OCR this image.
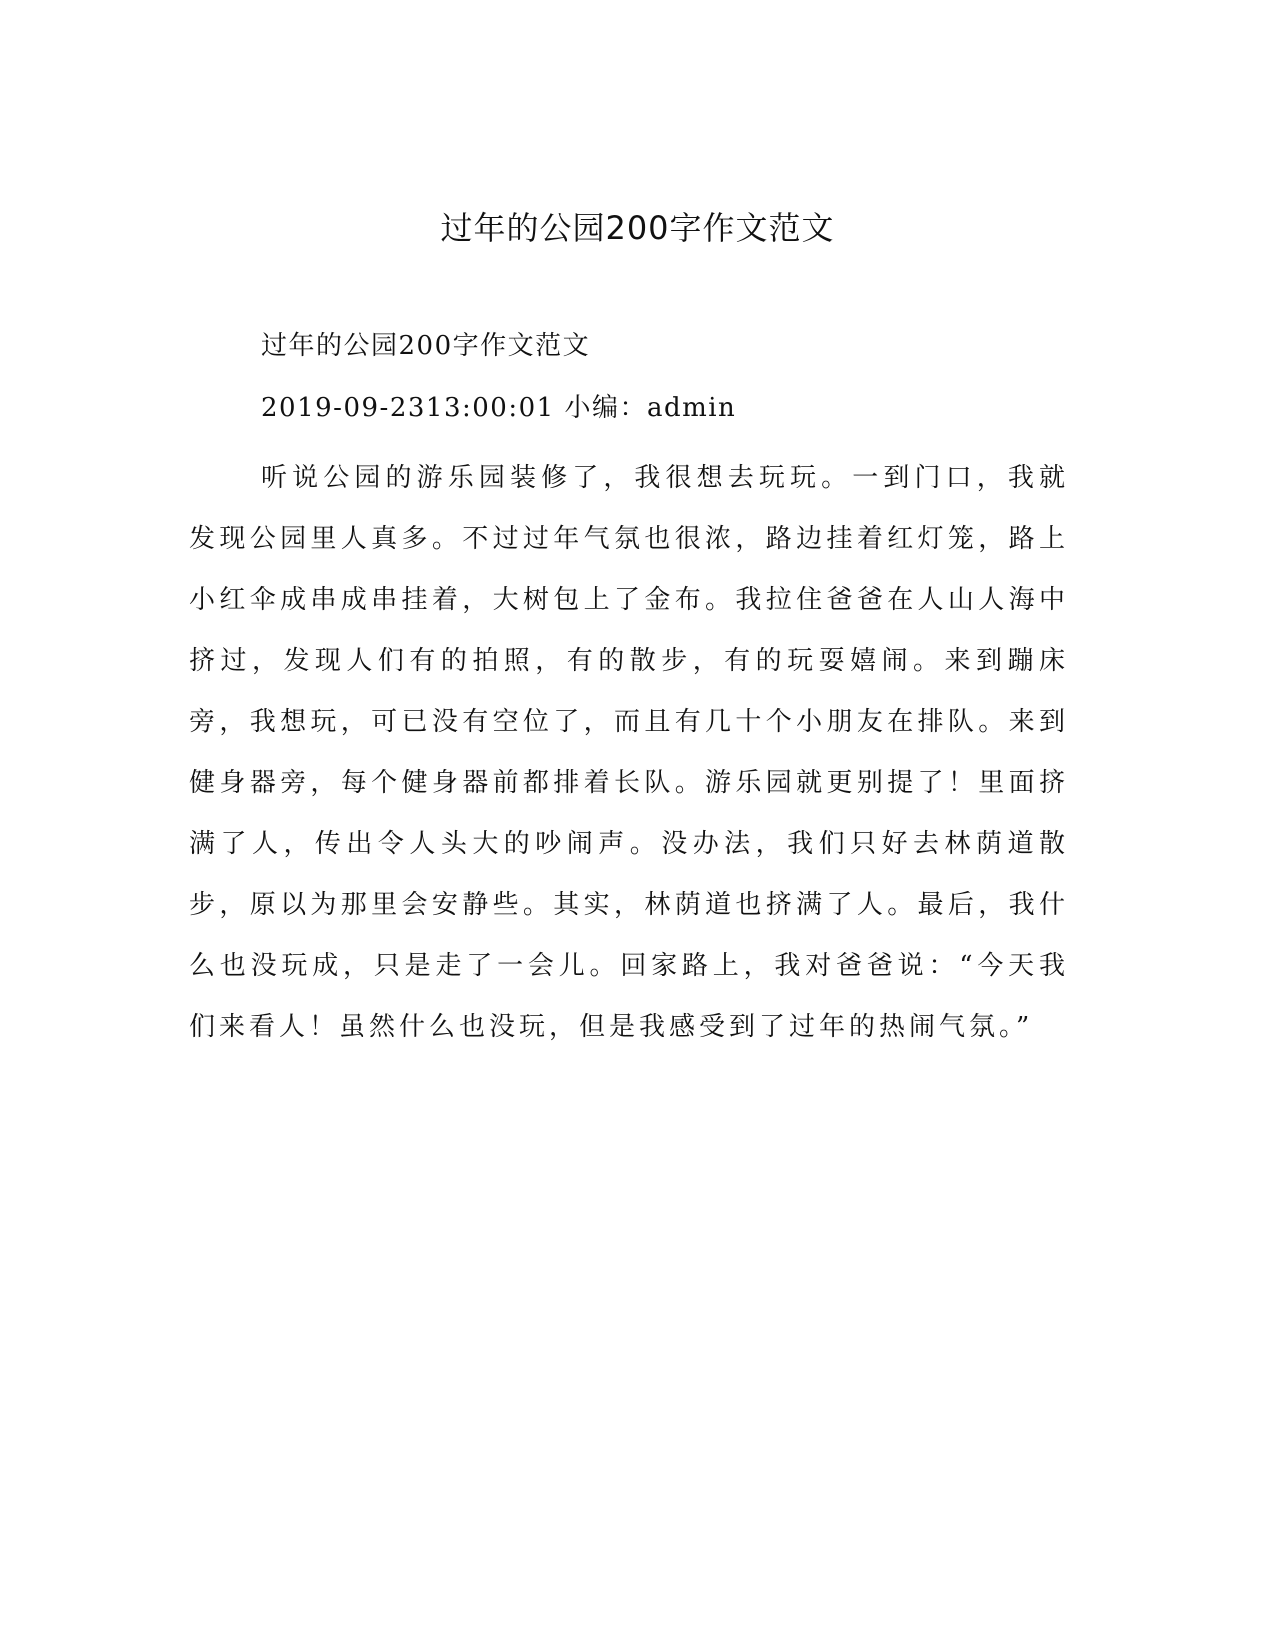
过年的公园200字作文范文

过年的公园200字作文范文

2019-09-2313:00:01 小编：admin

听说公园的游乐园装修了，我很想去玩玩。一到门口，我就发现公园里人真多。不过过年气氛也很浓，路边挂着红灯笼，路上小红伞成串成串挂着，大树包上了金布。我拉住爸爸在人山人海中挤过，发现人们有的拍照，有的散步，有的玩耍嬉闹。来到蹦床旁，我想玩，可已没有空位了，而且有几十个小朋友在排队。来到健身器旁，每个健身器前都排着长队。游乐园就更别提了！里面挤满了人，传出令人头大的吵闹声。没办法，我们只好去林荫道散步，原以为那里会安静些。其实，林荫道也挤满了人。最后，我什么也没玩成，只是走了一会儿。回家路上，我对爸爸说：“今天我们来看人！虽然什么也没玩，但是我感受到了过年的热闹气氛。”
